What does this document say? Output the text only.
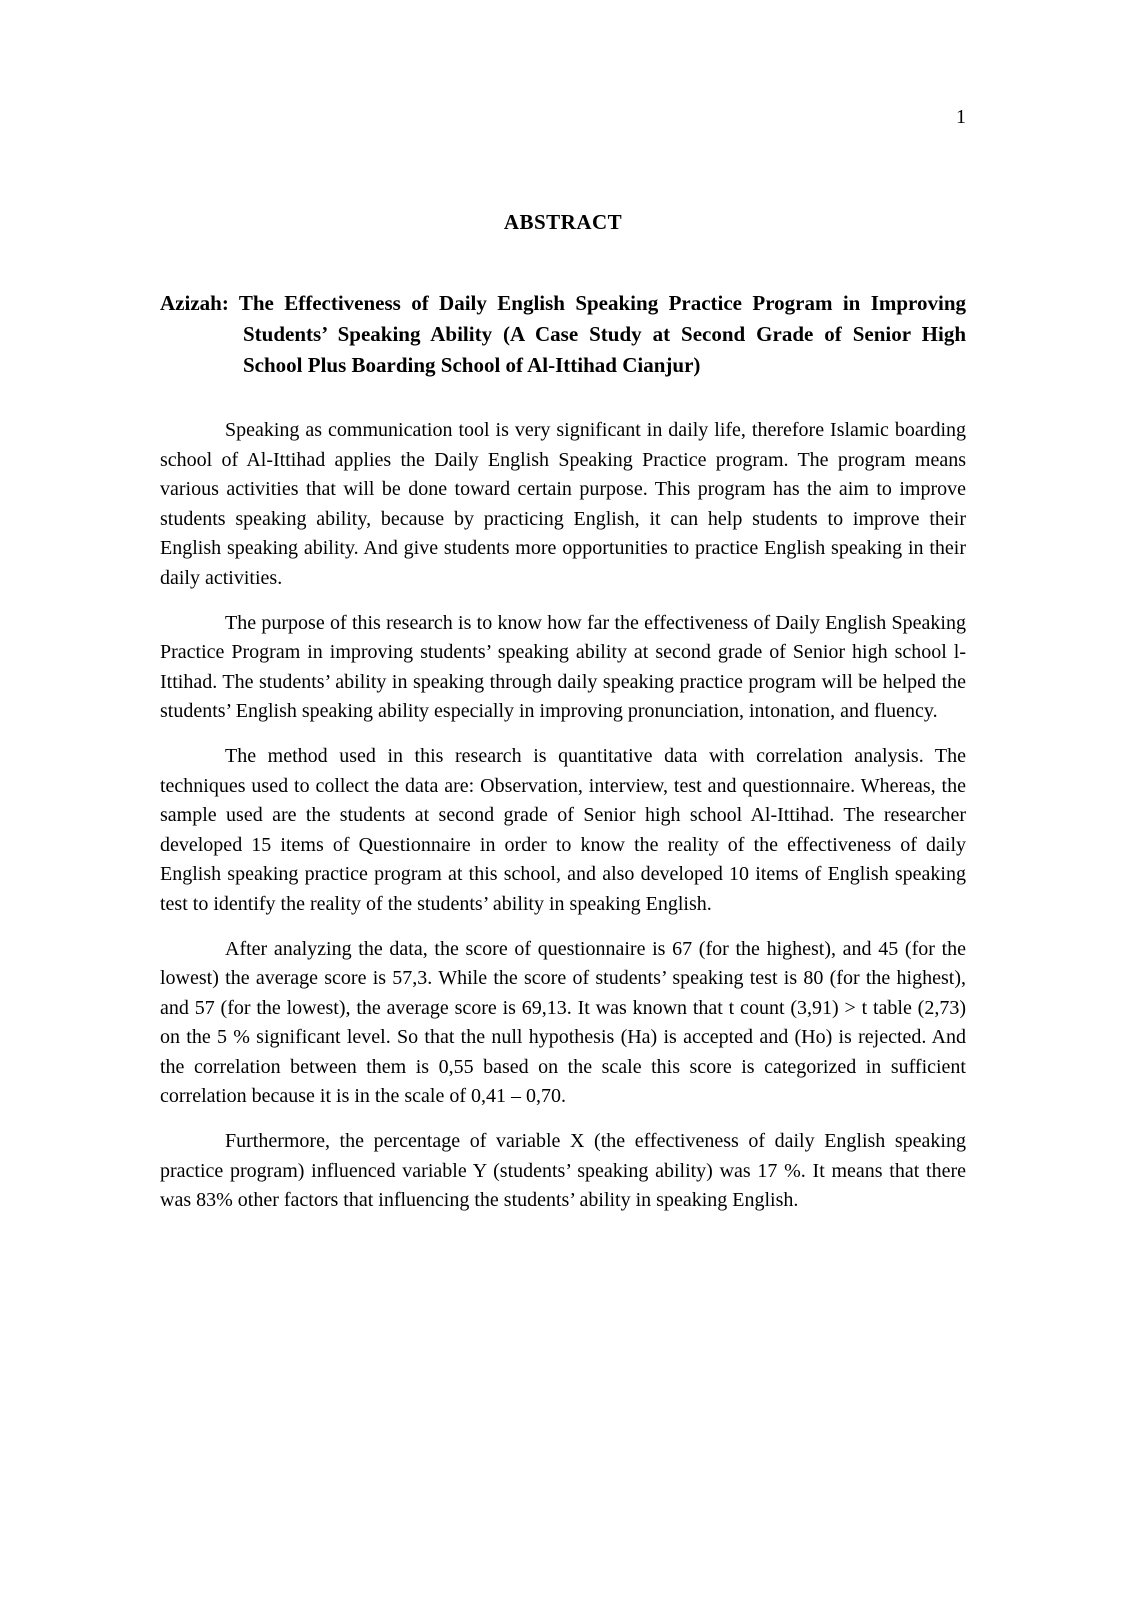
1
ABSTRACT

Azizah: The Effectiveness of Daily English Speaking Practice Program in Improving Students’ Speaking Ability (A Case Study at Second Grade of Senior High School Plus Boarding School of Al-Ittihad Cianjur)

Speaking as communication tool is very significant in daily life, therefore Islamic boarding school of Al-Ittihad applies the Daily English Speaking Practice program. The program means various activities that will be done toward certain purpose. This program has the aim to improve students speaking ability, because by practicing English, it can help students to improve their English speaking ability. And give students more opportunities to practice English speaking in their daily activities.

The purpose of this research is to know how far the effectiveness of Daily English Speaking Practice Program in improving students’ speaking ability at second grade of Senior high school l-Ittihad. The students’ ability in speaking through daily speaking practice program will be helped the students’ English speaking ability especially in improving pronunciation, intonation, and fluency.

The method used in this research is quantitative data with correlation analysis. The techniques used to collect the data are: Observation, interview, test and questionnaire. Whereas, the sample used are the students at second grade of Senior high school Al-Ittihad. The researcher developed 15 items of Questionnaire in order to know the reality of the effectiveness of daily English speaking practice program at this school, and also developed 10 items of English speaking test to identify the reality of the students’ ability in speaking English.

After analyzing the data, the score of questionnaire is 67 (for the highest), and 45 (for the lowest) the average score is 57,3. While the score of students’ speaking test is 80 (for the highest), and 57 (for the lowest), the average score is 69,13. It was known that t count (3,91) > t table (2,73) on the 5 % significant level. So that the null hypothesis (Ha) is accepted and (Ho) is rejected. And the correlation between them is 0,55 based on the scale this score is categorized in sufficient correlation because it is in the scale of 0,41 – 0,70.

Furthermore, the percentage of variable X (the effectiveness of daily English speaking practice program) influenced variable Y (students’ speaking ability) was 17 %. It means that there was 83% other factors that influencing the students’ ability in speaking English.
